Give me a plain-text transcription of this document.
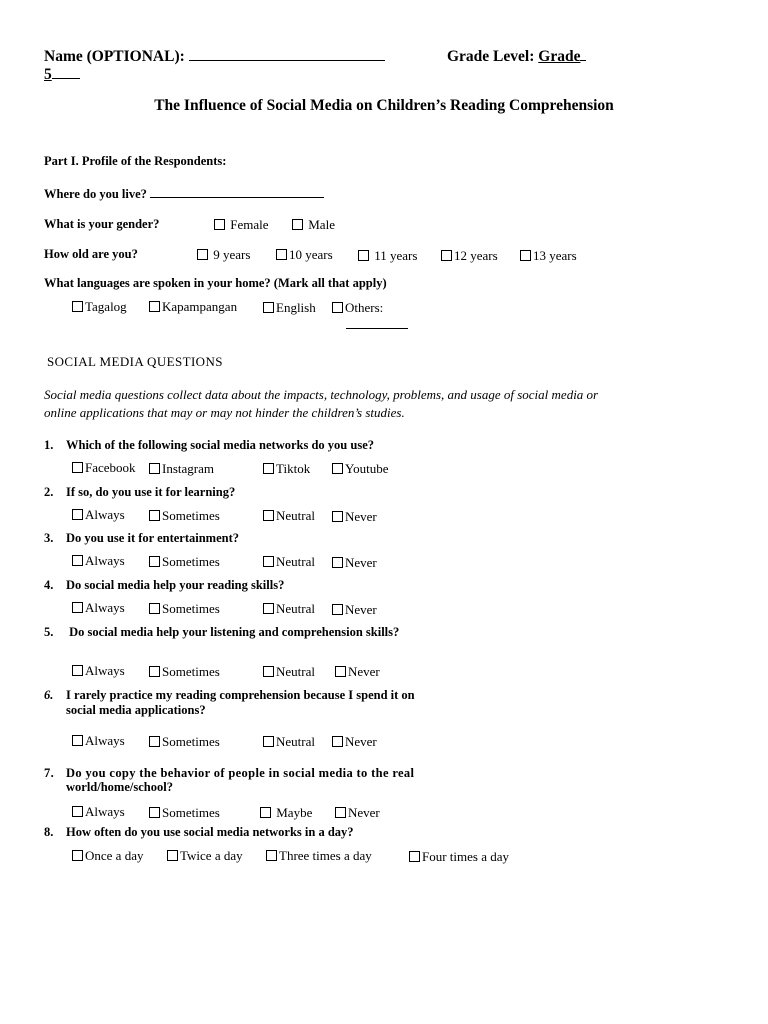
Name (OPTIONAL):	Grade Level: Grade
5
The Influence of Social Media on Children’s Reading Comprehension
Part I. Profile of the Respondents:
Where do you live?
What is your gender?	Female	Male
How old are you?	9 years	10 years	11 years	12 years	13 years
What languages are spoken in your home? (Mark all that apply)
Tagalog	Kapampangan	English	Others:
SOCIAL MEDIA QUESTIONS
Social media questions collect data about the impacts, technology, problems, and usage of social media or
online applications that may or may not hinder the children’s studies.
1. Which of the following social media networks do you use?
Facebook	Instagram	Tiktok	Youtube
2. If so, do you use it for learning?
Always	Sometimes	Neutral	Never
3. Do you use it for entertainment?
Always	Sometimes	Neutral	Never
4. Do social media help your reading skills?
Always	Sometimes	Neutral	Never
5. Do social media help your listening and comprehension skills?
Always	Sometimes	Neutral	Never
6. I rarely practice my reading comprehension because I spend it on
social media applications?
Always	Sometimes	Neutral	Never
7. Do you copy the behavior of people in social media to the real
world/home/school?
Always	Sometimes	Maybe	Never
8. How often do you use social media networks in a day?
Once a day	Twice a day	Three times a day	Four times a day
